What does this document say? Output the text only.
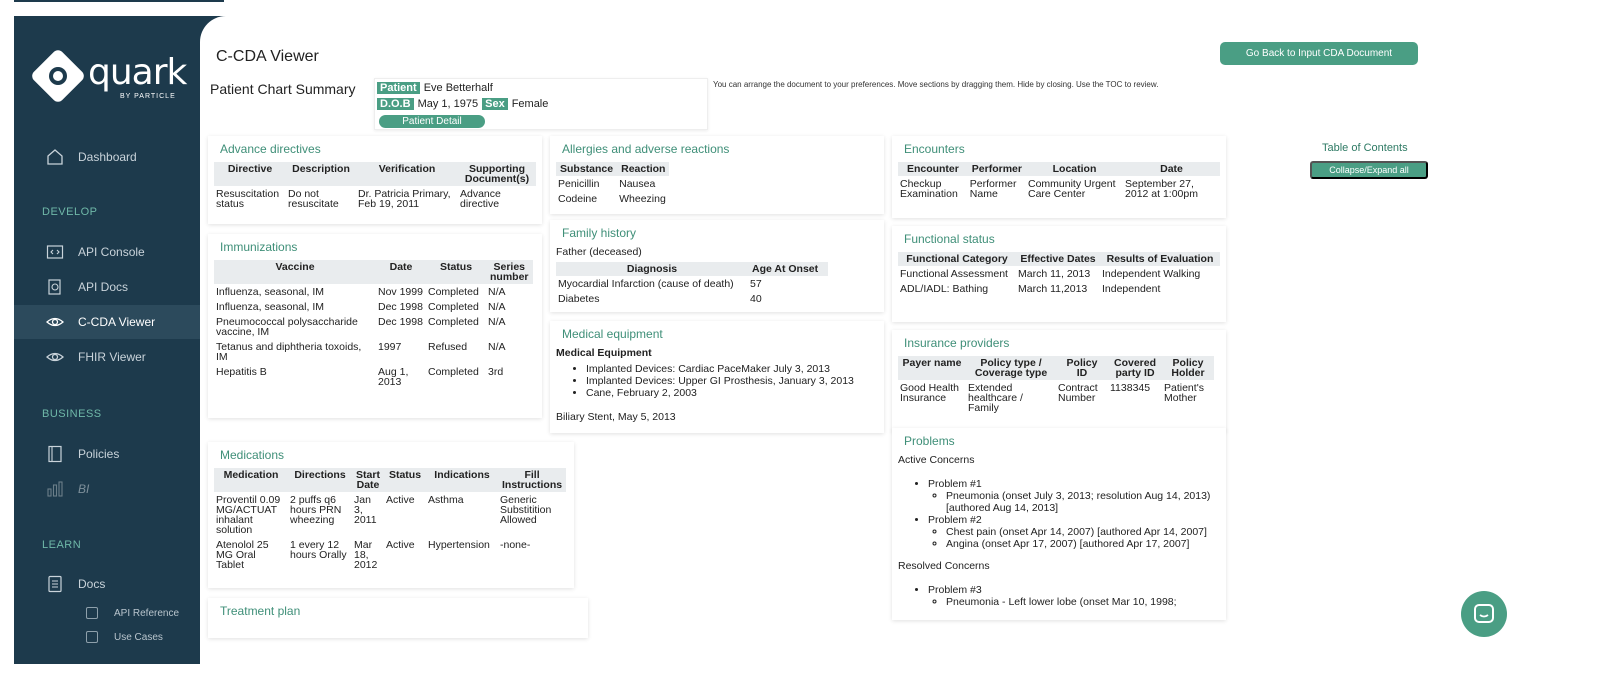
quark
BY PARTICLE
Dashboard
DEVELOP
API Console
API Docs
C-CDA Viewer
FHIR Viewer
BUSINESS
Policies
BI
LEARN
Docs
API Reference
Use Cases
C-CDA Viewer
Patient Chart Summary
Go Back to Input CDA Document
Patient Eve Betterhalf
D.O.B May 1, 1975 Sex Female
Patient Detail
You can arrange the document to your preferences. Move sections by dragging them. Hide by closing. Use the TOC to review.
Table of Contents
Collapse/Expand all
Advance directives
Directive	Description	Verification	Supporting Document(s)
Resuscitation status	Do not resuscitate	Dr. Patricia Primary, Feb 19, 2011	Advance directive
Immunizations
Vaccine	Date	Status	Series number
Influenza, seasonal, IM	Nov 1999	Completed	N/A
Influenza, seasonal, IM	Dec 1998	Completed	N/A
Pneumococcal polysaccharide vaccine, IM	Dec 1998	Completed	N/A
Tetanus and diphtheria toxoids, IM	1997	Refused	N/A
Hepatitis B	Aug 1, 2013	Completed	3rd
Medications
Medication	Directions	Start Date	Status	Indications	Fill Instructions
Proventil 0.09 MG/ACTUAT inhalant solution	2 puffs q6 hours PRN wheezing	Jan 3, 2011	Active	Asthma	Generic Substitition Allowed
Atenolol 25 MG Oral Tablet	1 every 12 hours Orally	Mar 18, 2012	Active	Hypertension	-none-
Treatment plan
Allergies and adverse reactions
Substance	Reaction
Penicillin	Nausea
Codeine	Wheezing
Family history
Father (deceased)
Diagnosis	Age At Onset
Myocardial Infarction (cause of death)	57
Diabetes	40
Medical equipment
Medical Equipment
• Implanted Devices: Cardiac PaceMaker July 3, 2013
• Implanted Devices: Upper GI Prosthesis, January 3, 2013
• Cane, February 2, 2003
Biliary Stent, May 5, 2013
Encounters
Encounter	Performer	Location	Date
Checkup Examination	Performer Name	Community Urgent Care Center	September 27, 2012 at 1:00pm
Functional status
Functional Category	Effective Dates	Results of Evaluation
Functional Assessment	March 11, 2013	Independent Walking
ADL/IADL: Bathing	March 11,2013	Independent
Insurance providers
Payer name	Policy type / Coverage type	Policy ID	Covered party ID	Policy Holder
Good Health Insurance	Extended healthcare / Family	Contract Number	1138345	Patient's Mother
Problems
Active Concerns
• Problem #1
◦ Pneumonia (onset July 3, 2013; resolution Aug 14, 2013) [authored Aug 14, 2013]
• Problem #2
◦ Chest pain (onset Apr 14, 2007) [authored Apr 14, 2007]
◦ Angina (onset Apr 17, 2007) [authored Apr 17, 2007]
Resolved Concerns
• Problem #3
◦ Pneumonia - Left lower lobe (onset Mar 10, 1998;
